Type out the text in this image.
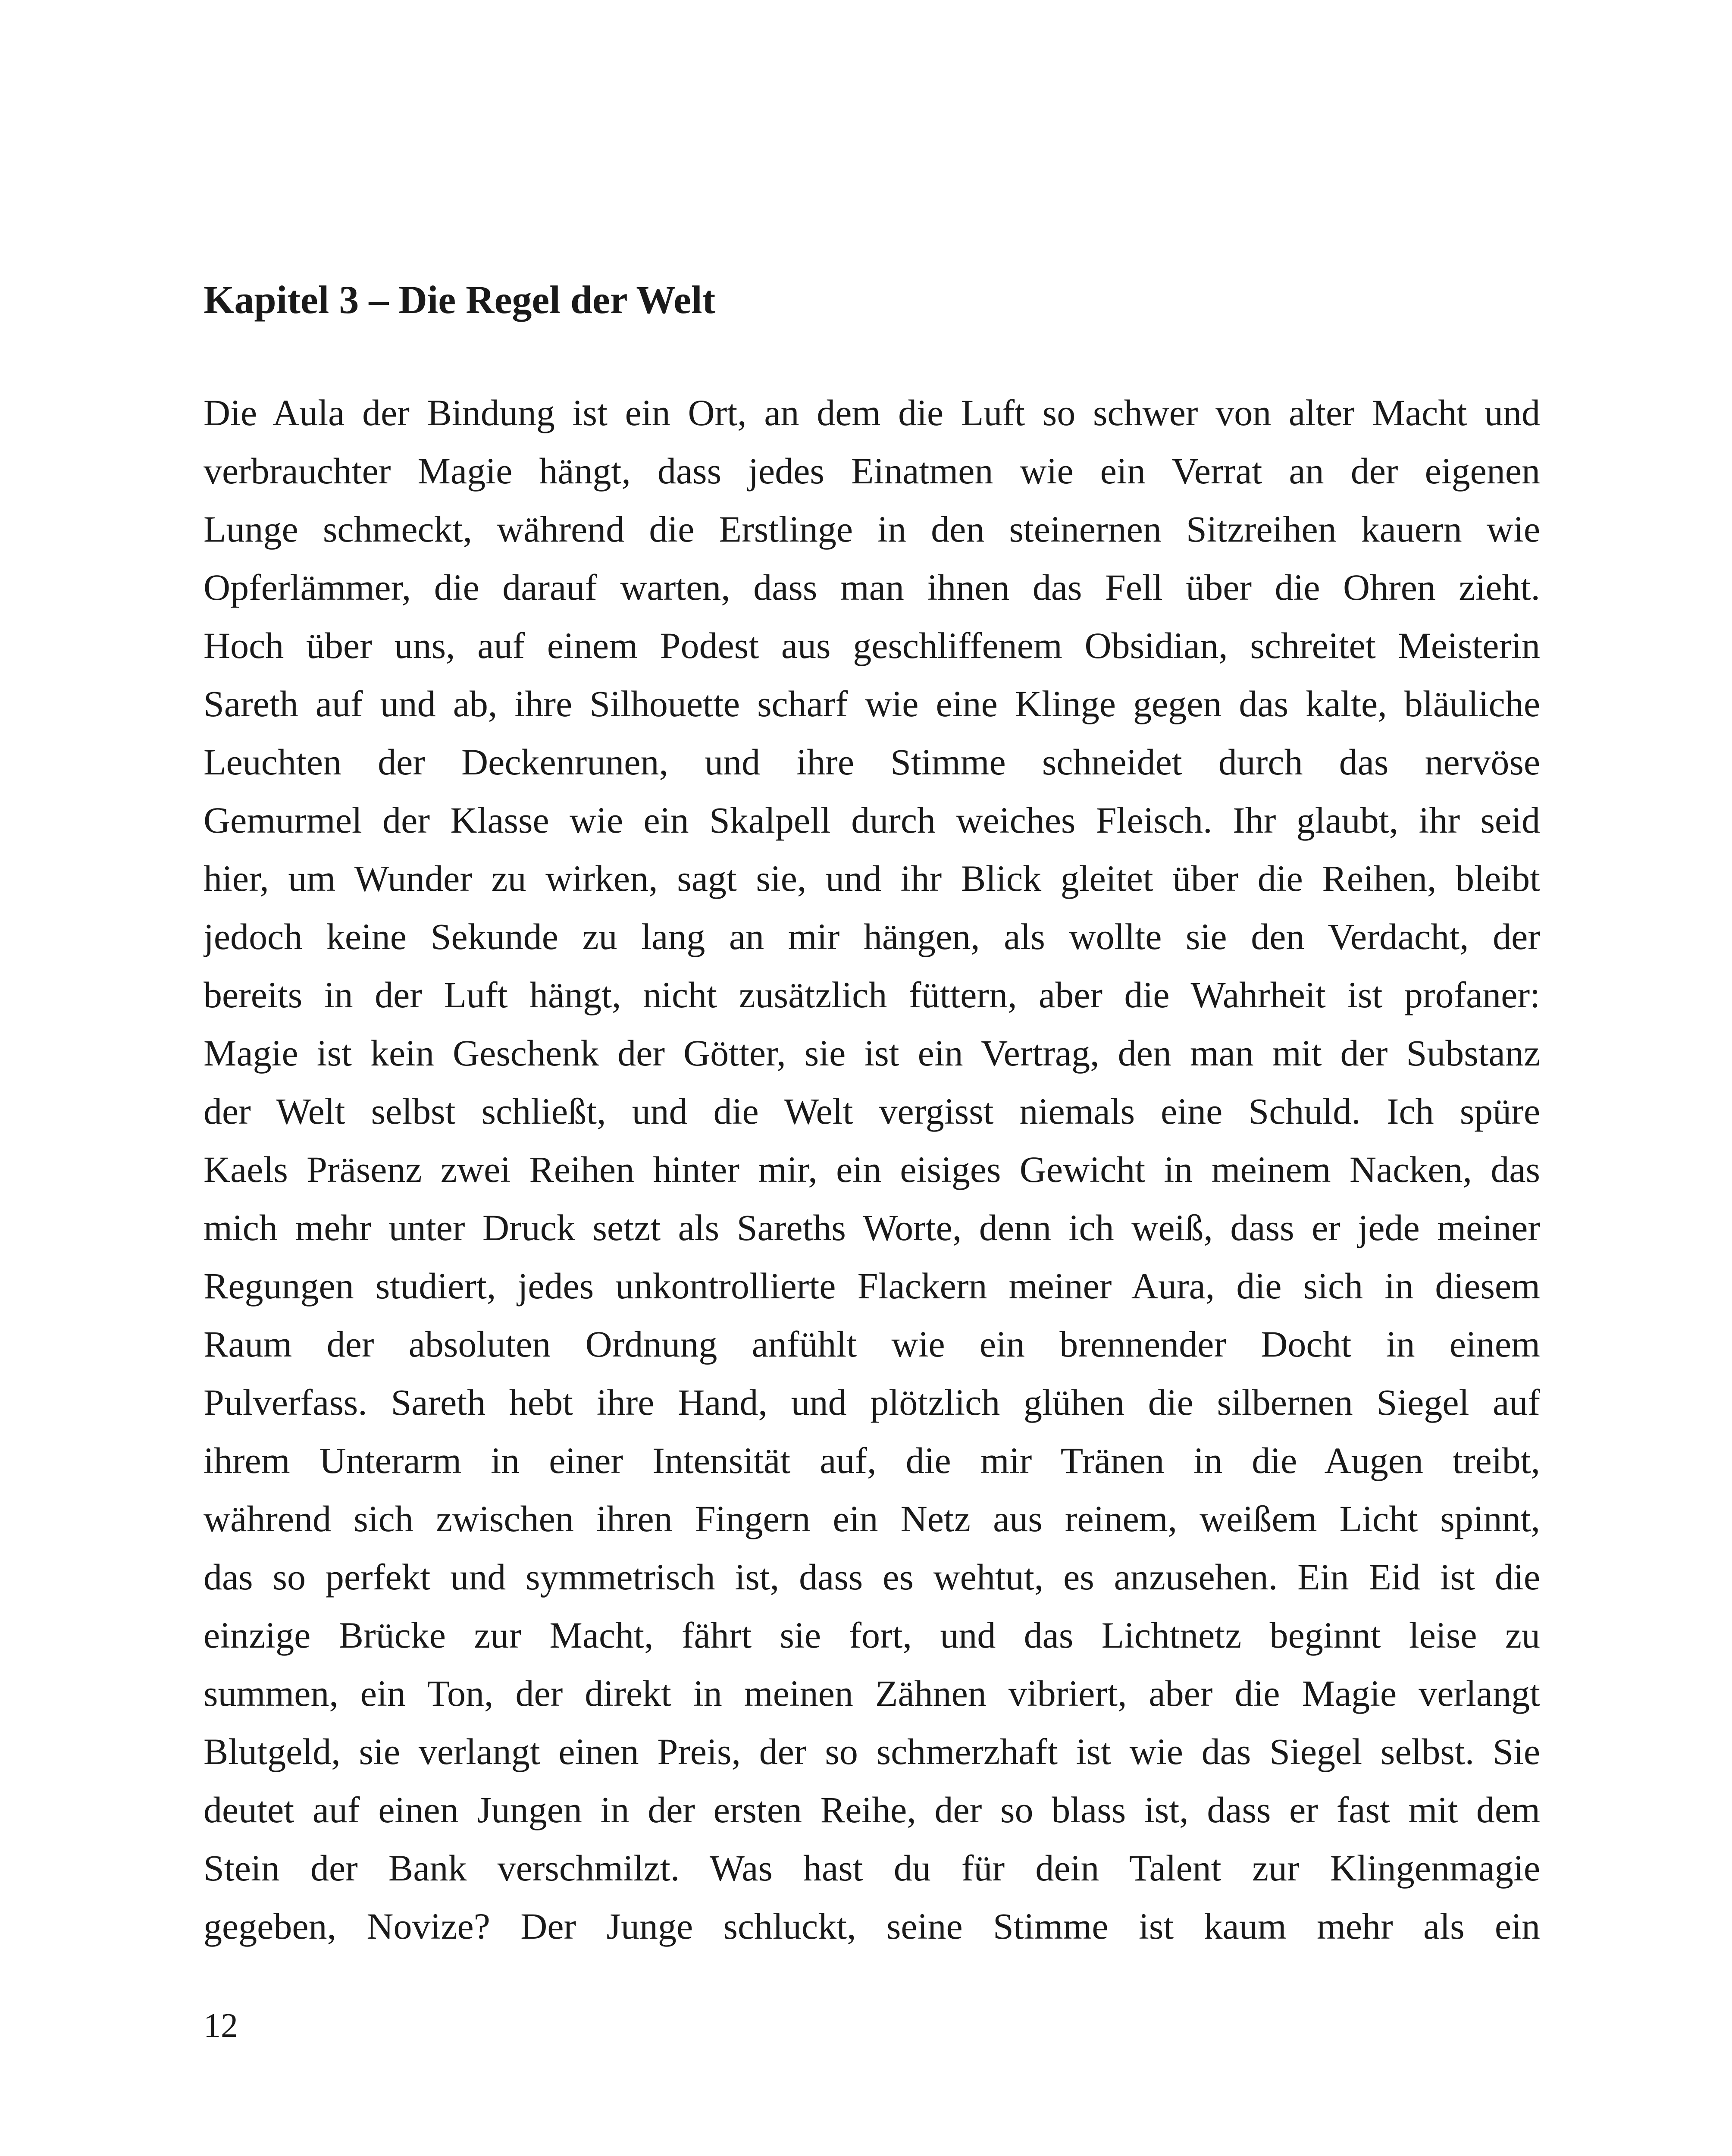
Kapitel 3 – Die Regel der Welt
Die Aula der Bindung ist ein Ort, an dem die Luft so schwer von alter Macht und
verbrauchter Magie hängt, dass jedes Einatmen wie ein Verrat an der eigenen
Lunge schmeckt, während die Erstlinge in den steinernen Sitzreihen kauern wie
Opferlämmer, die darauf warten, dass man ihnen das Fell über die Ohren zieht.
Hoch über uns, auf einem Podest aus geschliffenem Obsidian, schreitet Meisterin
Sareth auf und ab, ihre Silhouette scharf wie eine Klinge gegen das kalte, bläuliche
Leuchten der Deckenrunen, und ihre Stimme schneidet durch das nervöse
Gemurmel der Klasse wie ein Skalpell durch weiches Fleisch. Ihr glaubt, ihr seid
hier, um Wunder zu wirken, sagt sie, und ihr Blick gleitet über die Reihen, bleibt
jedoch keine Sekunde zu lang an mir hängen, als wollte sie den Verdacht, der
bereits in der Luft hängt, nicht zusätzlich füttern, aber die Wahrheit ist profaner:
Magie ist kein Geschenk der Götter, sie ist ein Vertrag, den man mit der Substanz
der Welt selbst schließt, und die Welt vergisst niemals eine Schuld. Ich spüre
Kaels Präsenz zwei Reihen hinter mir, ein eisiges Gewicht in meinem Nacken, das
mich mehr unter Druck setzt als Sareths Worte, denn ich weiß, dass er jede meiner
Regungen studiert, jedes unkontrollierte Flackern meiner Aura, die sich in diesem
Raum der absoluten Ordnung anfühlt wie ein brennender Docht in einem
Pulverfass. Sareth hebt ihre Hand, und plötzlich glühen die silbernen Siegel auf
ihrem Unterarm in einer Intensität auf, die mir Tränen in die Augen treibt,
während sich zwischen ihren Fingern ein Netz aus reinem, weißem Licht spinnt,
das so perfekt und symmetrisch ist, dass es wehtut, es anzusehen. Ein Eid ist die
einzige Brücke zur Macht, fährt sie fort, und das Lichtnetz beginnt leise zu
summen, ein Ton, der direkt in meinen Zähnen vibriert, aber die Magie verlangt
Blutgeld, sie verlangt einen Preis, der so schmerzhaft ist wie das Siegel selbst. Sie
deutet auf einen Jungen in der ersten Reihe, der so blass ist, dass er fast mit dem
Stein der Bank verschmilzt. Was hast du für dein Talent zur Klingenmagie
gegeben, Novize? Der Junge schluckt, seine Stimme ist kaum mehr als ein
12
